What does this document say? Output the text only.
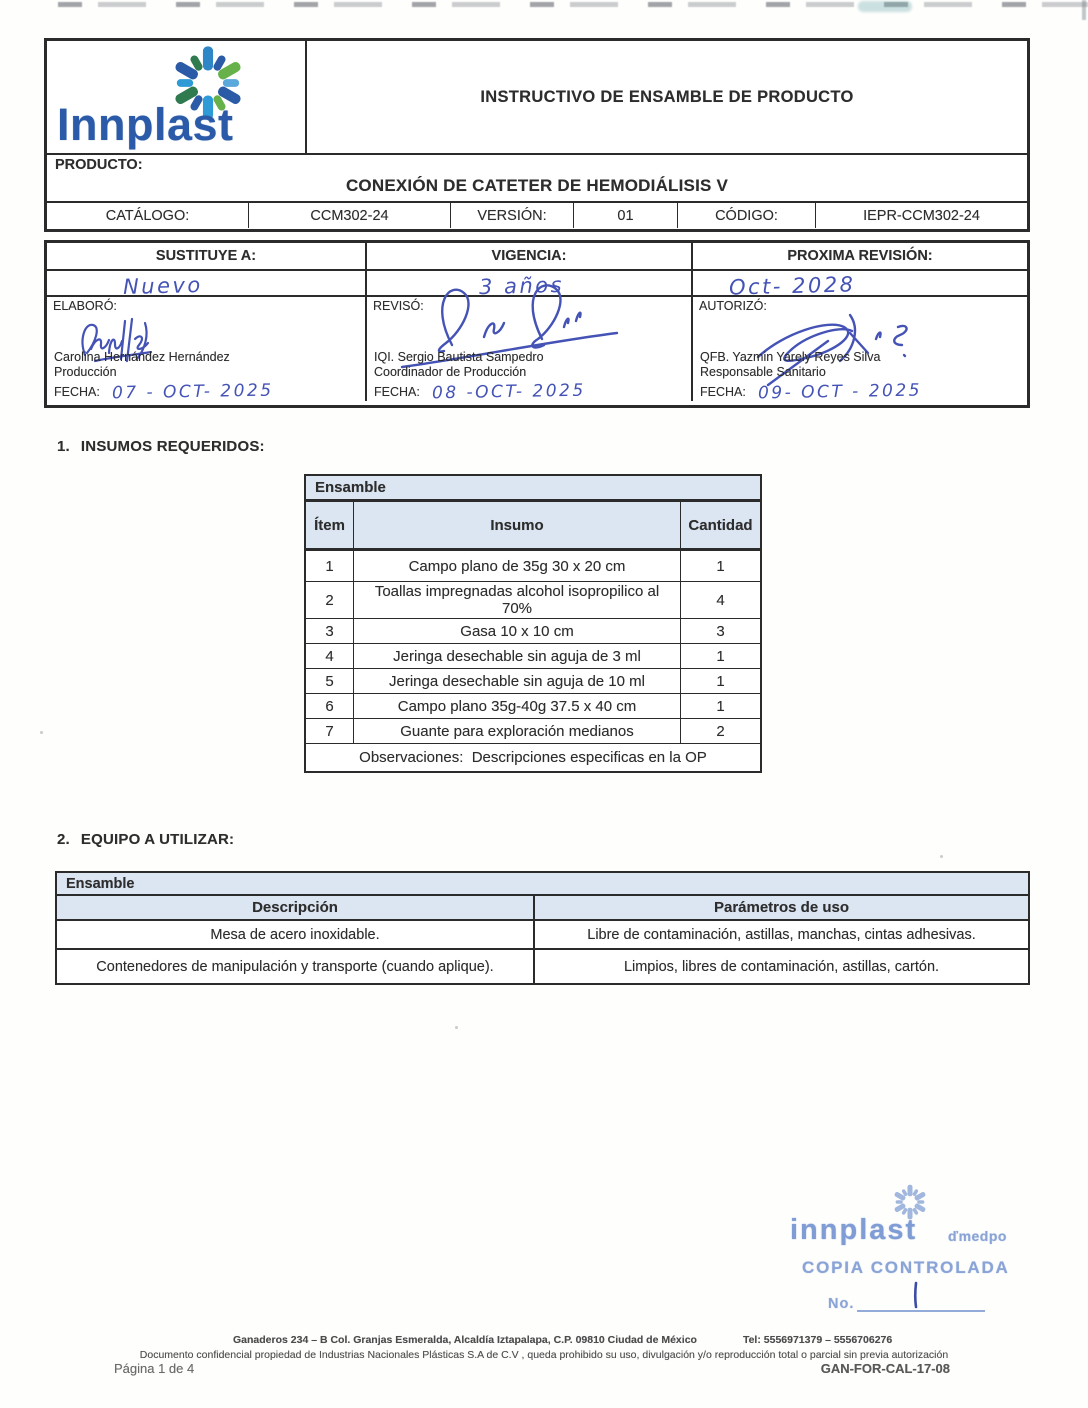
Innplast
INSTRUCTIVO DE ENSAMBLE DE PRODUCTO
PRODUCTO:
CONEXIÓN DE CATETER DE HEMODIÁLISIS V
CATÁLOGO:	CCM302-24	VERSIÓN:	01	CÓDIGO:	IEPR-CCM302-24
SUSTITUYE A:	VIGENCIA:	PROXIMA REVISIÓN:
Nuevo	3 años	Oct- 2028
ELABORÓ:
Carolina Hernández Hernández
Producción
FECHA: 07 - OCT- 2025
REVISÓ:
IQI. Sergio Bautista Sampedro
Coordinador de Producción
FECHA: 08 -OCT- 2025
AUTORIZÓ:
QFB. Yazmin Yarely Reyes Silva
Responsable Sanitario
FECHA: 09- OCT - 2025
1. INSUMOS REQUERIDOS:
Ensamble
Ítem	Insumo	Cantidad
1	Campo plano de 35g 30 x 20 cm	1
2	Toallas impregnadas alcohol isopropilico al 70%	4
3	Gasa 10 x 10 cm	3
4	Jeringa desechable sin aguja de 3 ml	1
5	Jeringa desechable sin aguja de 10 ml	1
6	Campo plano 35g-40g 37.5 x 40 cm	1
7	Guante para exploración medianos	2
Observaciones:  Descripciones especificas en la OP
2. EQUIPO A UTILIZAR:
Ensamble
Descripción	Parámetros de uso
Mesa de acero inoxidable.	Libre de contaminación, astillas, manchas, cintas adhesivas.
Contenedores de manipulación y transporte (cuando aplique).	Limpios, libres de contaminación, astillas, cartón.
innplast ďmedpo
COPIA CONTROLADA
No.
Ganaderos 234 – B Col. Granjas Esmeralda, Alcaldía Iztapalapa, C.P. 09810 Ciudad de México	Tel: 5556971379 – 5556706276
Documento confidencial propiedad de Industrias Nacionales Plásticas S.A de C.V , queda prohibido su uso, divulgación y/o reproducción total o parcial sin previa autorización
Página 1 de 4	GAN-FOR-CAL-17-08
